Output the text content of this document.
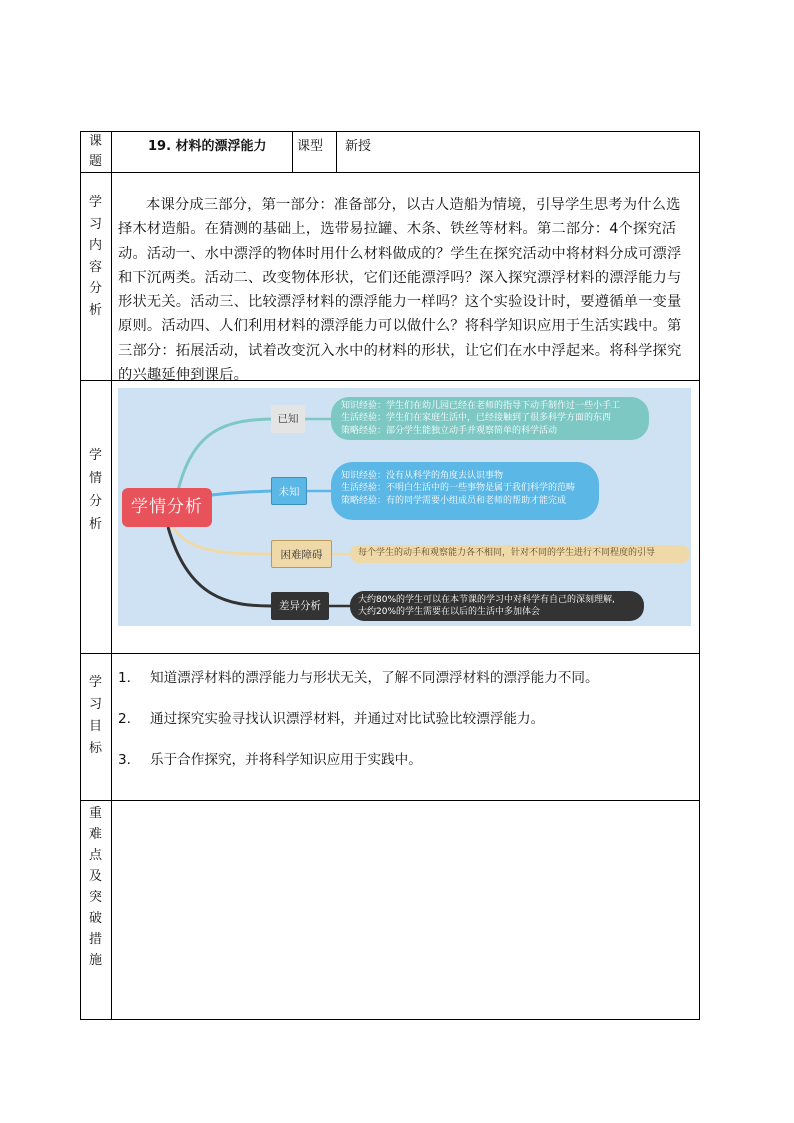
课
题
19. 材料的漂浮能力 课型 新授
学
习
内
容
分
析
本课分成三部分，第一部分：准备部分，以古人造船为情境，引导学生思考为什么选择木材造船。在猜测的基础上，选带易拉罐、木条、铁丝等材料。第二部分：4个探究活动。活动一、水中漂浮的物体时用什么材料做成的？学生在探究活动中将材料分成可漂浮和下沉两类。活动二、改变物体形状，它们还能漂浮吗？深入探究漂浮材料的漂浮能力与形状无关。活动三、比较漂浮材料的漂浮能力一样吗？这个实验设计时，要遵循单一变量原则。活动四、人们利用材料的漂浮能力可以做什么？将科学知识应用于生活实践中。第三部分：拓展活动，试着改变沉入水中的材料的形状，让它们在水中浮起来。将科学探究的兴趣延伸到课后。
学
情
分
析
学情分析
已知
知识经验：学生们在幼儿园已经在老师的指导下动手制作过一些小手工
生活经验：学生们在家庭生活中，已经接触到了很多科学方面的东西
策略经验：部分学生能独立动手并观察简单的科学活动
未知
知识经验：没有从科学的角度去认识事物
生活经验：不明白生活中的一些事物是属于我们科学的范畴
策略经验：有的同学需要小组成员和老师的帮助才能完成
困难障碍	每个学生的动手和观察能力各不相同，针对不同的学生进行不同程度的引导
差异分析	大约80%的学生可以在本节课的学习中对科学有自己的深刻理解,
大约20%的学生需要在以后的生活中多加体会
学
习
目
标
1. 知道漂浮材料的漂浮能力与形状无关，了解不同漂浮材料的漂浮能力不同。
2. 通过探究实验寻找认识漂浮材料，并通过对比试验比较漂浮能力。
3. 乐于合作探究，并将科学知识应用于实践中。
重
难
点
及
突
破
措
施
